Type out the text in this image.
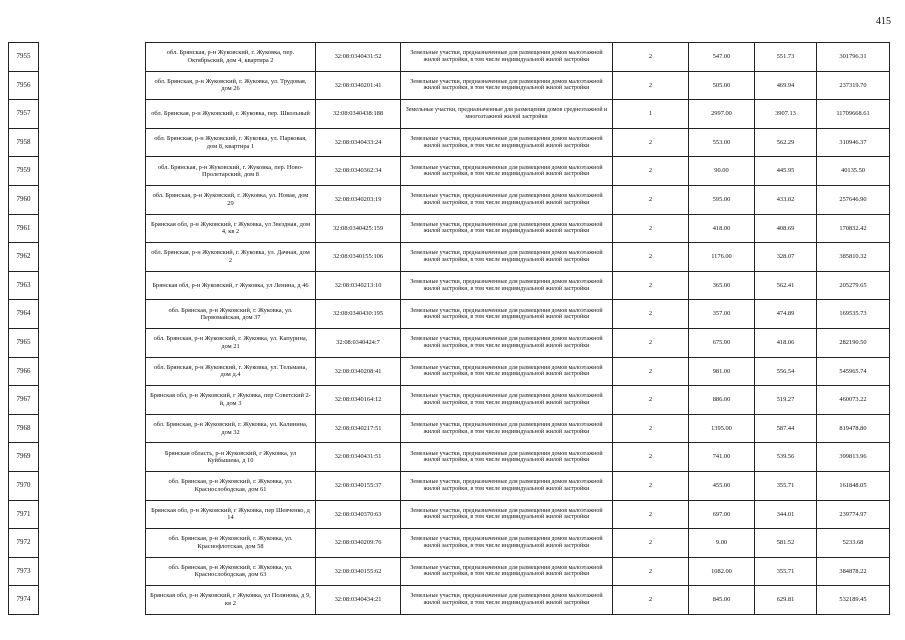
415
7955		обл. Брянская, р-н Жуковский, г. Жуковка, пер. Октябрьский, дом 4, квартира 2	32:08:0340431:52	Земельные участки, предназначенные для размещения домов малоэтажной жилой застройки, в том числе индивидуальной жилой застройки	2	547.00	551.73	301796.31
7956		обл. Брянская, р-н Жуковский, г. Жуковка, ул. Трудовая, дом 26	32:08:0340201:41	Земельные участки, предназначенные для размещения домов малоэтажной жилой застройки, в том числе индивидуальной жилой застройки	2	505.00	469.94	237319.70
7957		обл. Брянская, р-н Жуковский, г. Жуковка, пер. Школьный	32:08:0340438:188	Земельные участки, предназначенные для размещения домов среднеэтажной и многоэтажной жилой застройки	1	2997.00	3907.13	11709668.61
7958		обл. Брянская, р-н Жуковский, г. Жуковка, ул. Парковая, дом 8, квартира 1	32:08:0340433:24	Земельные участки, предназначенные для размещения домов малоэтажной жилой застройки, в том числе индивидуальной жилой застройки	2	553.00	562.29	310946.37
7959		обл. Брянская, р-н Жуковский, г. Жуковка, пер. Ново-Пролетарский, дом 8	32:08:0340362:34	Земельные участки, предназначенные для размещения домов малоэтажной жилой застройки, в том числе индивидуальной жилой застройки	2	90.00	445.95	40135.50
7960		обл. Брянская, р-н Жуковский, г. Жуковка, ул. Новая, дом 29	32:08:0340203:19	Земельные участки, предназначенные для размещения домов малоэтажной жилой застройки, в том числе индивидуальной жилой застройки	2	595.00	433.02	257646.90
7961		Брянская обл, р-н Жуковский, г Жуковка, ул Звездная, дом 4, кв 2	32:08:0340425:159	Земельные участки, предназначенные для размещения домов малоэтажной жилой застройки, в том числе индивидуальной жилой застройки	2	418.00	408.69	170832.42
7962		обл. Брянская, р-н Жуковский, г. Жуковка, ул. Дачная, дом 2	32:08:0340155:106	Земельные участки, предназначенные для размещения домов малоэтажной жилой застройки, в том числе индивидуальной жилой застройки	2	1176.00	328.07	385810.32
7963		Брянская обл, р-н Жуковский, г Жуковка, ул Ленина, д 46	32:08:0340213:10	Земельные участки, предназначенные для размещения домов малоэтажной жилой застройки, в том числе индивидуальной жилой застройки	2	365.00	562.41	205279.65
7964		обл. Брянская, р-н Жуковский, г. Жуковка, ул. Первомайская, дом 37	32:08:0340430:195	Земельные участки, предназначенные для размещения домов малоэтажной жилой застройки, в том числе индивидуальной жилой застройки	2	357.00	474.89	169535.73
7965		обл. Брянская, р-н Жуковский, г. Жуковка, ул. Капурина, дом 21	32:08:0340424:7	Земельные участки, предназначенные для размещения домов малоэтажной жилой застройки, в том числе индивидуальной жилой застройки	2	675.00	418.06	282190.50
7966		обл. Брянская, р-н Жуковский, г. Жуковка, ул. Тельмана, дом д.4	32:08:0340208:41	Земельные участки, предназначенные для размещения домов малоэтажной жилой застройки, в том числе индивидуальной жилой застройки	2	981.00	556.54	545965.74
7967		Брянская обл, р-н Жуковский, г Жуковка, пер Советский 2-й, дом 3	32:08:0340164:12	Земельные участки, предназначенные для размещения домов малоэтажной жилой застройки, в том числе индивидуальной жилой застройки	2	886.00	519.27	460073.22
7968		обл. Брянская, р-н Жуковский, г. Жуковка, ул. Калинина, дом 32	32:08:0340217:51	Земельные участки, предназначенные для размещения домов малоэтажной жилой застройки, в том числе индивидуальной жилой застройки	2	1395.00	587.44	819478.80
7969		Брянская область, р-н Жуковский, г Жуковка, ул Куйбышева, д 10	32:08:0340431:51	Земельные участки, предназначенные для размещения домов малоэтажной жилой застройки, в том числе индивидуальной жилой застройки	2	741.00	539.56	399813.96
7970		обл. Брянская, р-н Жуковский, г. Жуковка, ул. Краснослободская, дом 61	32:08:0340155:37	Земельные участки, предназначенные для размещения домов малоэтажной жилой застройки, в том числе индивидуальной жилой застройки	2	455.00	355.71	161848.05
7971		Брянская обл, р-н Жуковский, г Жуковка, пер Шевченко, д 14	32:08:0340370:63	Земельные участки, предназначенные для размещения домов малоэтажной жилой застройки, в том числе индивидуальной жилой застройки	2	697.00	344.01	239774.97
7972		обл. Брянская, р-н Жуковский, г. Жуковка, ул. Краснофлотская, дом 58	32:08:0340209:76	Земельные участки, предназначенные для размещения домов малоэтажной жилой застройки, в том числе индивидуальной жилой застройки	2	9.00	581.52	5233.68
7973		обл. Брянская, р-н Жуковский, г. Жуковка, ул. Краснослободская, дом 63	32:08:0340155:62	Земельные участки, предназначенные для размещения домов малоэтажной жилой застройки, в том числе индивидуальной жилой застройки	2	1082.00	355.71	384878.22
7974		Брянская обл, р-н Жуковский, г Жуковка, ул Полянова, д 9, кв 2	32:08:0340434:21	Земельные участки, предназначенные для размещения домов малоэтажной жилой застройки, в том числе индивидуальной жилой застройки	2	845.00	629.81	532189.45
